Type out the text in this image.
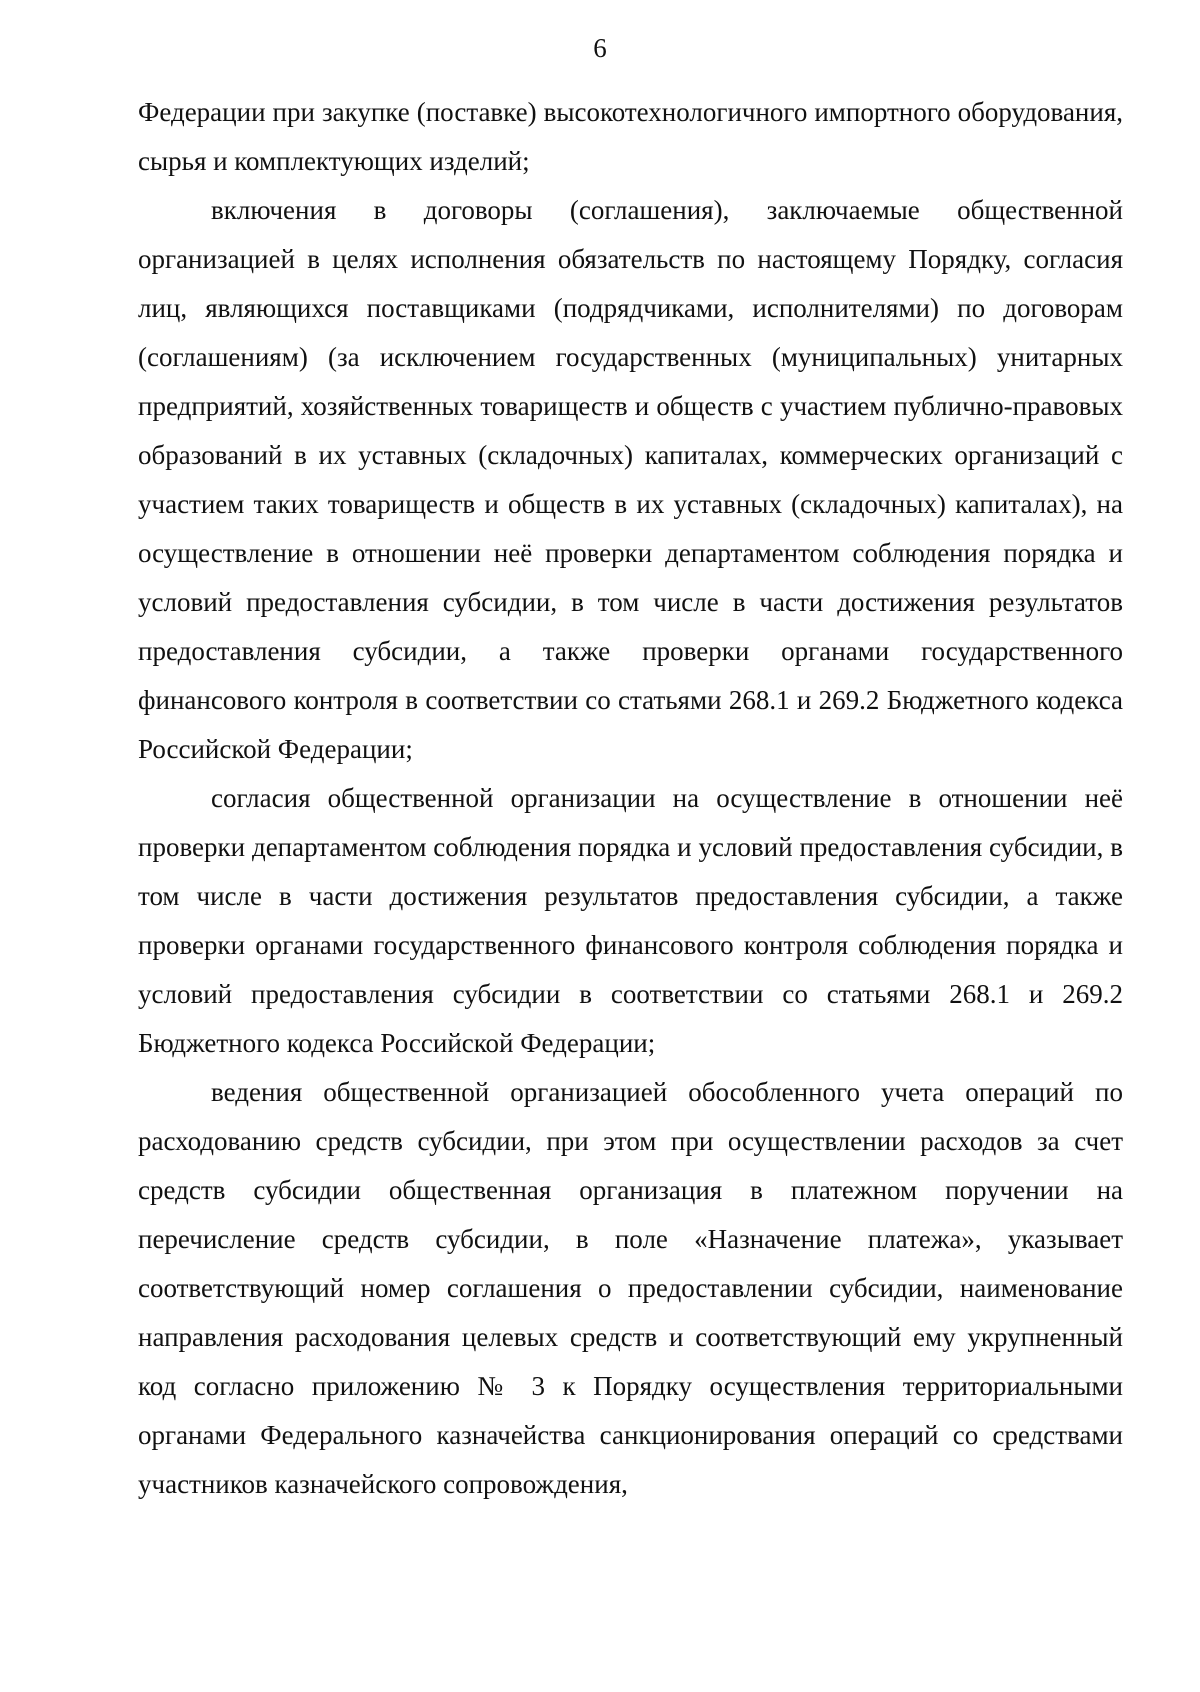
6

Федерации при закупке (поставке) высокотехнологичного импортного оборудования, сырья и комплектующих изделий;

включения в договоры (соглашения), заключаемые общественной организацией в целях исполнения обязательств по настоящему Порядку, согласия лиц, являющихся поставщиками (подрядчиками, исполнителями) по договорам (соглашениям) (за исключением государственных (муниципальных) унитарных предприятий, хозяйственных товариществ и обществ с участием публично-правовых образований в их уставных (складочных) капиталах, коммерческих организаций с участием таких товариществ и обществ в их уставных (складочных) капиталах), на осуществление в отношении неё проверки департаментом соблюдения порядка и условий предоставления субсидии, в том числе в части достижения результатов предоставления субсидии, а также проверки органами государственного финансового контроля в соответствии со статьями 268.1 и 269.2 Бюджетного кодекса Российской Федерации;

согласия общественной организации на осуществление в отношении неё проверки департаментом соблюдения порядка и условий предоставления субсидии, в том числе в части достижения результатов предоставления субсидии, а также проверки органами государственного финансового контроля соблюдения порядка и условий предоставления субсидии в соответствии со статьями 268.1 и 269.2 Бюджетного кодекса Российской Федерации;

ведения общественной организацией обособленного учета операций по расходованию средств субсидии, при этом при осуществлении расходов за счет средств субсидии общественная организация в платежном поручении на перечисление средств субсидии, в поле «Назначение платежа», указывает соответствующий номер соглашения о предоставлении субсидии, наименование направления расходования целевых средств и соответствующий ему укрупненный код согласно приложению № 3 к Порядку осуществления территориальными органами Федерального казначейства санкционирования операций со средствами участников казначейского сопровождения,
